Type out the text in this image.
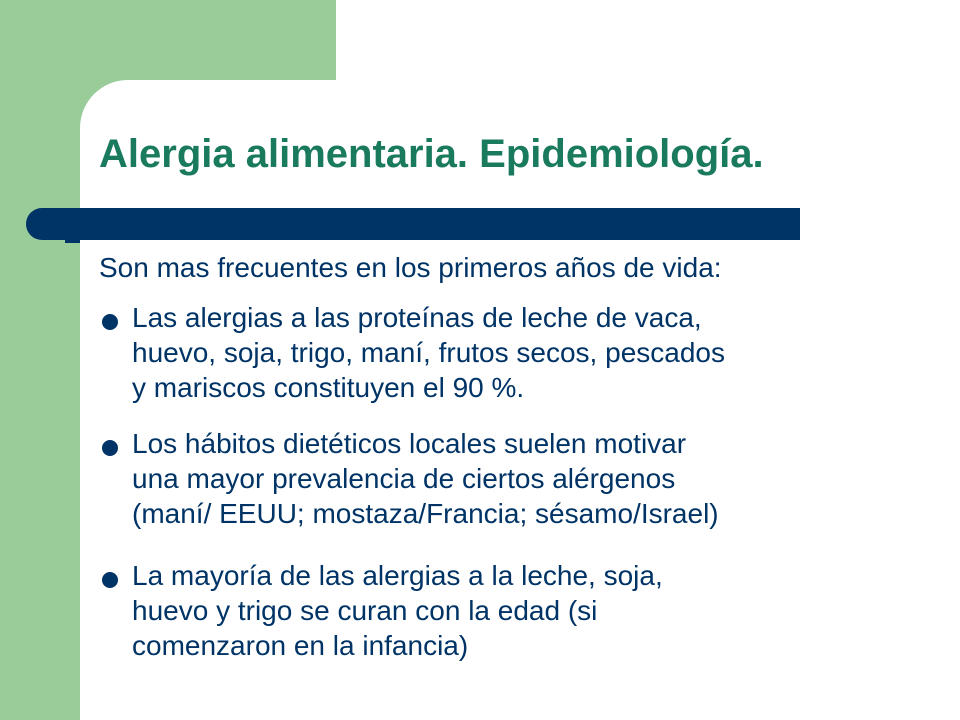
Alergia alimentaria. Epidemiología.
Son mas frecuentes en los primeros años de vida:
Las alergias a las proteínas de leche de vaca,
huevo, soja, trigo, maní, frutos secos, pescados
y mariscos constituyen el 90 %.
Los hábitos dietéticos locales suelen motivar
una mayor prevalencia de ciertos alérgenos
(maní/ EEUU; mostaza/Francia; sésamo/Israel)
La mayoría de las alergias a la leche, soja,
huevo y trigo se curan con la edad (si
comenzaron en la infancia)
